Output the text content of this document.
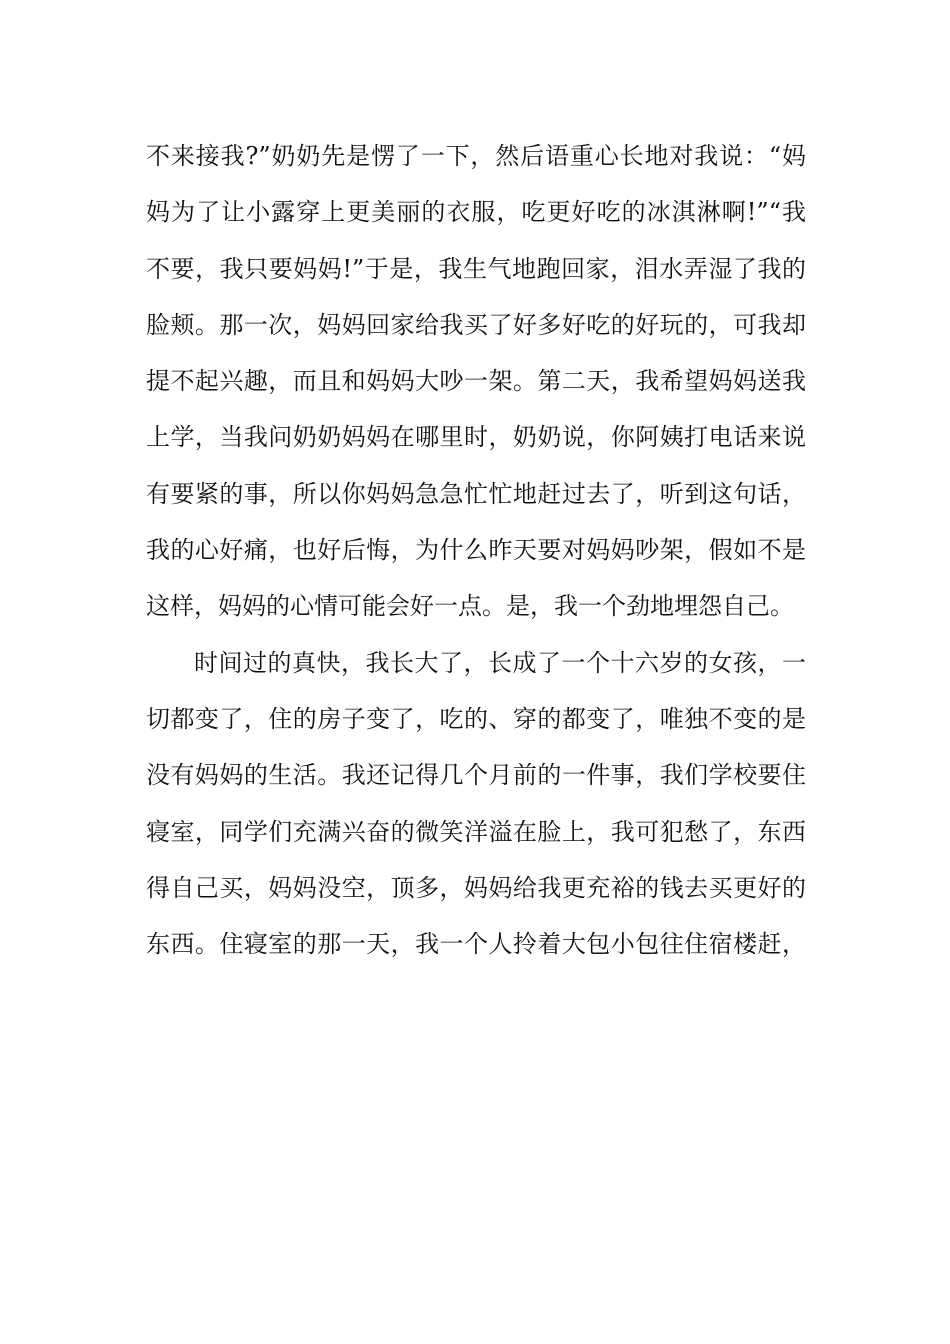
不来接我?”奶奶先是愣了一下，然后语重心长地对我说：“妈
妈为了让小露穿上更美丽的衣服，吃更好吃的冰淇淋啊!”“我
不要，我只要妈妈!”于是，我生气地跑回家，泪水弄湿了我的
脸颊。那一次，妈妈回家给我买了好多好吃的好玩的，可我却
提不起兴趣，而且和妈妈大吵一架。第二天，我希望妈妈送我
上学，当我问奶奶妈妈在哪里时，奶奶说，你阿姨打电话来说
有要紧的事，所以你妈妈急急忙忙地赶过去了，听到这句话，
我的心好痛，也好后悔，为什么昨天要对妈妈吵架，假如不是
这样，妈妈的心情可能会好一点。是，我一个劲地埋怨自己。
时间过的真快，我长大了，长成了一个十六岁的女孩，一
切都变了，住的房子变了，吃的、穿的都变了，唯独不变的是
没有妈妈的生活。我还记得几个月前的一件事，我们学校要住
寝室，同学们充满兴奋的微笑洋溢在脸上，我可犯愁了，东西
得自己买，妈妈没空，顶多，妈妈给我更充裕的钱去买更好的
东西。住寝室的那一天，我一个人拎着大包小包往住宿楼赶，
